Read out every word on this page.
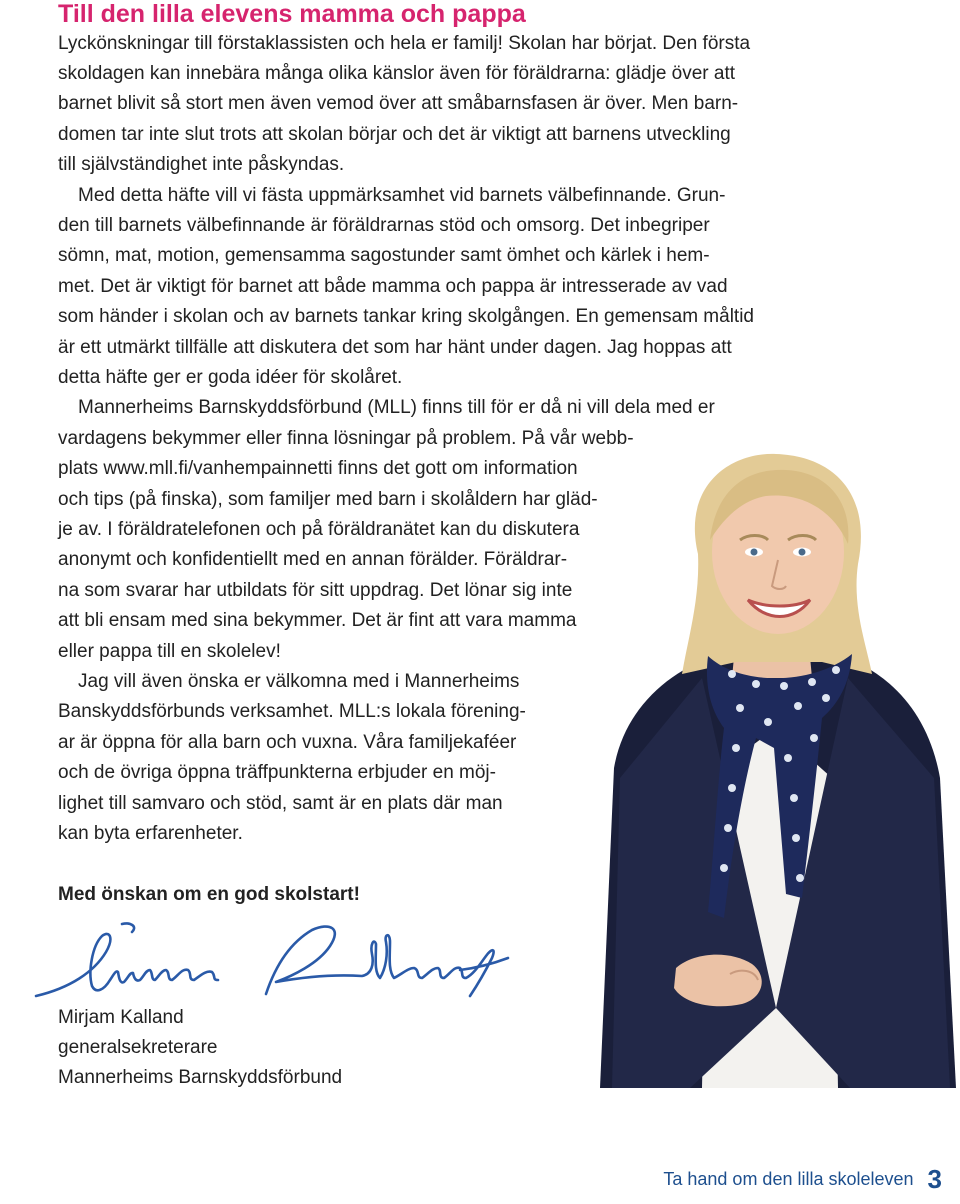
Till den lilla elevens mamma och pappa
Lyckönskningar till förstaklassisten och hela er familj! Skolan har börjat. Den första
skoldagen kan innebära många olika känslor även för föräldrarna: glädje över att
barnet blivit så stort men även vemod över att småbarnsfasen är över. Men barn-
domen tar inte slut trots att skolan börjar och det är viktigt att barnens utveckling
till självständighet inte påskyndas.
Med detta häfte vill vi fästa uppmärksamhet vid barnets välbefinnande. Grun-
den till barnets välbefinnande är föräldrarnas stöd och omsorg. Det inbegriper
sömn, mat, motion, gemensamma sagostunder samt ömhet och kärlek i hem-
met. Det är viktigt för barnet att både mamma och pappa är intresserade av vad
som händer i skolan och av barnets tankar kring skolgången. En gemensam måltid
är ett utmärkt tillfälle att diskutera det som har hänt under dagen. Jag hoppas att
detta häfte ger er goda idéer för skolåret.
Mannerheims Barnskyddsförbund (MLL) finns till för er då ni vill dela med er
vardagens bekymmer eller finna lösningar på problem. På vår webb-
plats www.mll.fi/vanhempainnetti finns det gott om information
och tips (på finska), som familjer med barn i skolåldern har gläd-
je av. I föräldratelefonen och på föräldranätet kan du diskutera
anonymt och konfidentiellt med en annan förälder. Föräldrar-
na som svarar har utbildats för sitt uppdrag. Det lönar sig inte
att bli ensam med sina bekymmer. Det är fint att vara mamma
eller pappa till en skolelev!
Jag vill även önska er välkomna med i Mannerheims
Banskyddsförbunds verksamhet. MLL:s lokala förening-
ar är öppna för alla barn och vuxna. Våra familjekaféer
och de övriga öppna träffpunkterna erbjuder en möj-
lighet till samvaro och stöd, samt är en plats där man
kan byta erfarenheter.
Med önskan om en god skolstart!
Mirjam Kalland
generalsekreterare
Mannerheims Barnskyddsförbund
Ta hand om den lilla skoleleven 3
